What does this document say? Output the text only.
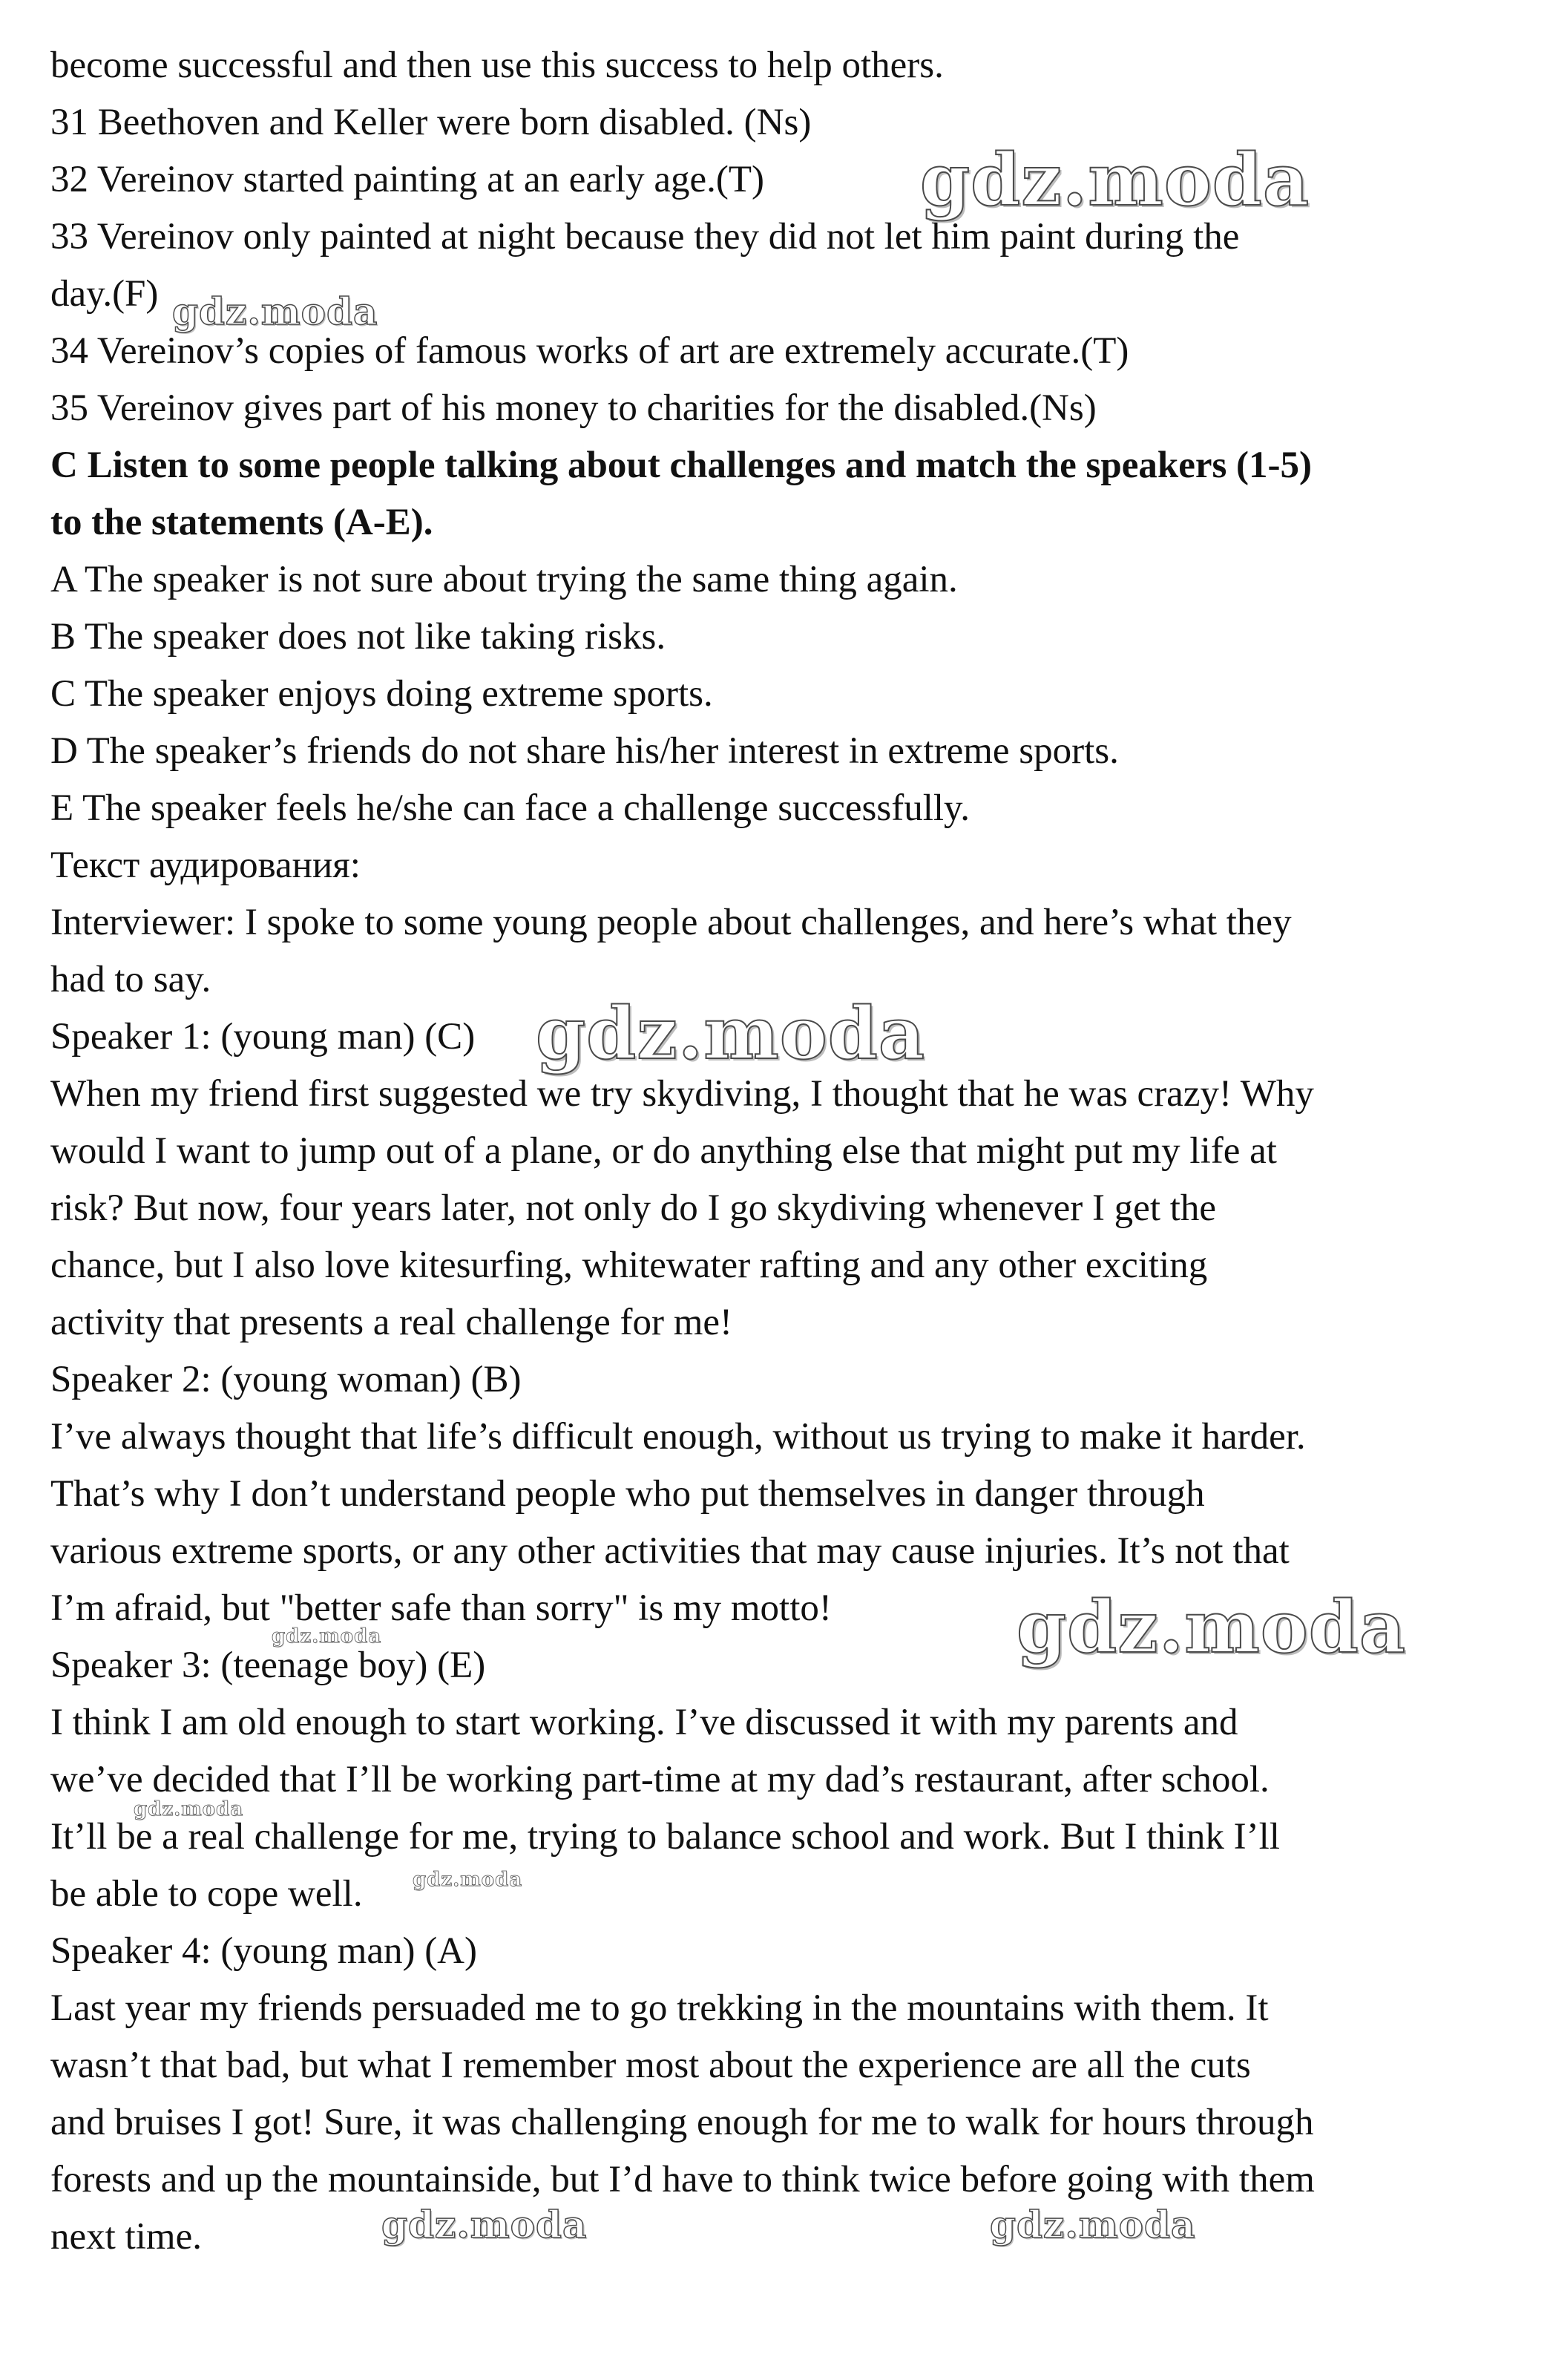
become successful and then use this success to help others.
31 Beethoven and Keller were born disabled. (Ns)
32 Vereinov started painting at an early age.(T)
33 Vereinov only painted at night because they did not let him paint during the
day.(F)
34 Vereinov’s copies of famous works of art are extremely accurate.(T)
35 Vereinov gives part of his money to charities for the disabled.(Ns)
C Listen to some people talking about challenges and match the speakers (1-5)
to the statements (A-E).
A The speaker is not sure about trying the same thing again.
B The speaker does not like taking risks.
C The speaker enjoys doing extreme sports.
D The speaker’s friends do not share his/her interest in extreme sports.
E The speaker feels he/she can face a challenge successfully.
Текст аудирования:
Interviewer: I spoke to some young people about challenges, and here’s what they
had to say.
Speaker 1: (young man) (C)
When my friend first suggested we try skydiving, I thought that he was crazy! Why
would I want to jump out of a plane, or do anything else that might put my life at
risk? But now, four years later, not only do I go skydiving whenever I get the
chance, but I also love kitesurfing, whitewater rafting and any other exciting
activity that presents a real challenge for me!
Speaker 2: (young woman) (B)
I’ve always thought that life’s difficult enough, without us trying to make it harder.
That’s why I don’t understand people who put themselves in danger through
various extreme sports, or any other activities that may cause injuries. It’s not that
I’m afraid, but "better safe than sorry" is my motto!
Speaker 3: (teenage boy) (E)
I think I am old enough to start working. I’ve discussed it with my parents and
we’ve decided that I’ll be working part-time at my dad’s restaurant, after school.
It’ll be a real challenge for me, trying to balance school and work. But I think I’ll
be able to cope well.
Speaker 4: (young man) (A)
Last year my friends persuaded me to go trekking in the mountains with them. It
wasn’t that bad, but what I remember most about the experience are all the cuts
and bruises I got! Sure, it was challenging enough for me to walk for hours through
forests and up the mountainside, but I’d have to think twice before going with them
next time.
gdz.moda
gdz.moda
gdz.moda
gdz.moda
gdz.moda
gdz.moda
gdz.moda
gdz.moda	gdz.moda
